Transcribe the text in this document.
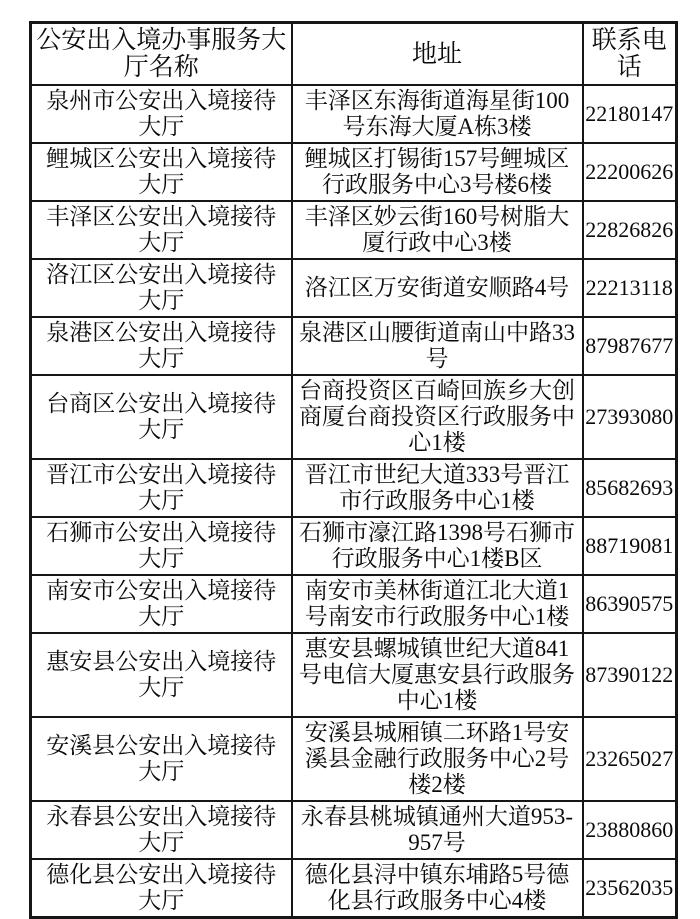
公安出入境办事服务大厅名称	地址	联系电话
泉州市公安出入境接待大厅	丰泽区东海街道海星街100号东海大厦A栋3楼	22180147
鲤城区公安出入境接待大厅	鲤城区打锡街157号鲤城区行政服务中心3号楼6楼	22200626
丰泽区公安出入境接待大厅	丰泽区妙云街160号树脂大厦行政中心3楼	22826826
洛江区公安出入境接待大厅	洛江区万安街道安顺路4号	22213118
泉港区公安出入境接待大厅	泉港区山腰街道南山中路33号	87987677
台商区公安出入境接待大厅	台商投资区百崎回族乡大创商厦台商投资区行政服务中心1楼	27393080
晋江市公安出入境接待大厅	晋江市世纪大道333号晋江市行政服务中心1楼	85682693
石狮市公安出入境接待大厅	石狮市濠江路1398号石狮市行政服务中心1楼B区	88719081
南安市公安出入境接待大厅	南安市美林街道江北大道1号南安市行政服务中心1楼	86390575
惠安县公安出入境接待大厅	惠安县螺城镇世纪大道841号电信大厦惠安县行政服务中心1楼	87390122
安溪县公安出入境接待大厅	安溪县城厢镇二环路1号安溪县金融行政服务中心2号楼2楼	23265027
永春县公安出入境接待大厅	永春县桃城镇通州大道953-957号	23880860
德化县公安出入境接待大厅	德化县浔中镇东埔路5号德化县行政服务中心4楼	23562035
